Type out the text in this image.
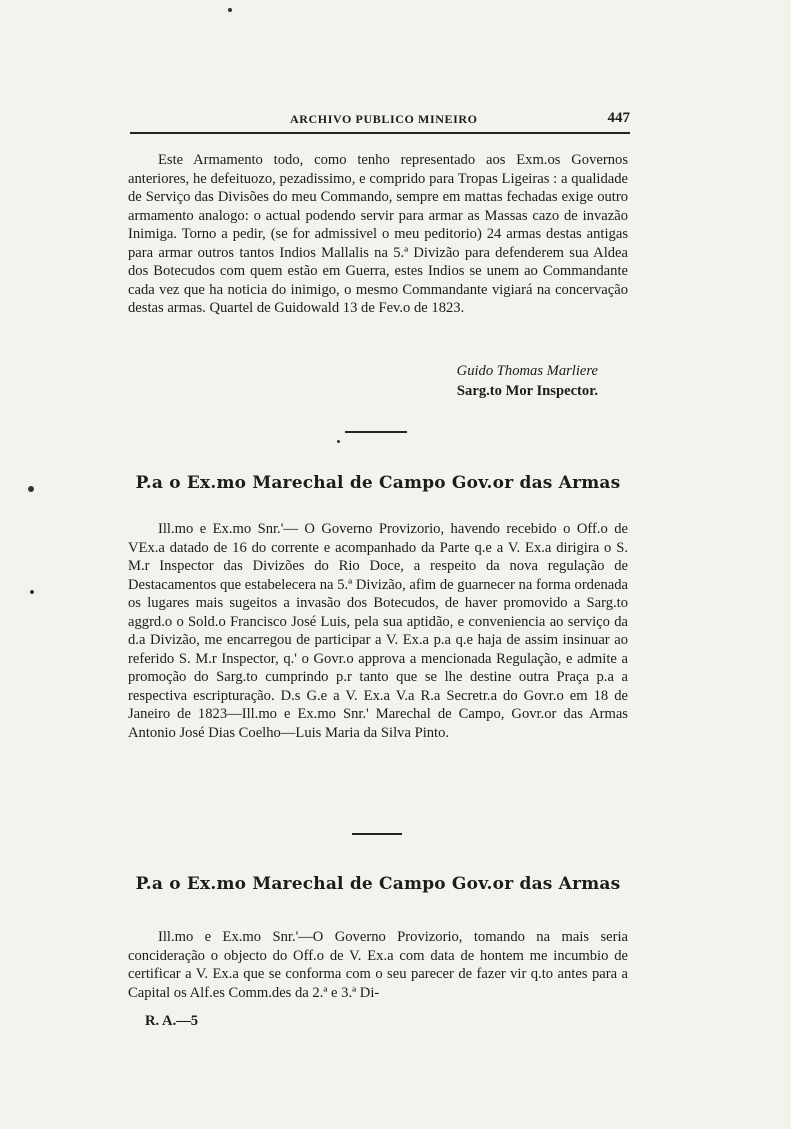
ARCHIVO PUBLICO MINEIRO	447

Este Armamento todo, como tenho representado aos Exm.os Governos anteriores, he defeituozo, pezadissimo, e comprido para Tropas Ligeiras : a qualidade de Serviço das Divisões do meu Commando, sempre em mattas fechadas exige outro armamento analogo: o actual podendo servir para armar as Massas cazo de invazão Inimiga. Torno a pedir, (se for admissivel o meu peditorio) 24 armas destas antigas para armar outros tantos Indios Mallalis na 5.ª Divizão para defenderem sua Aldea dos Botecudos com quem estão em Guerra, estes Indios se unem ao Commandante cada vez que ha noticia do inimigo, o mesmo Commandante vigiará na concervação destas armas. Quartel de Guidowald 13 de Fev.o de 1823.

Guido Thomas Marliere
Sarg.to Mor Inspector.
P.a o Ex.mo Marechal de Campo Gov.or das Armas

Ill.mo e Ex.mo Snr.'— O Governo Provizorio, havendo recebido o Off.o de VEx.a datado de 16 do corrente e acompanhado da Parte q.e a V. Ex.a dirigira o S. M.r Inspector das Divizões do Rio Doce, a respeito da nova regulação de Destacamentos que estabelecera na 5.ª Divizão, afim de guarnecer na forma ordenada os lugares mais sugeitos a invasão dos Botecudos, de haver promovido a Sarg.to aggrd.o o Sold.o Francisco José Luis, pela sua aptidão, e conveniencia ao serviço da d.a Divizão, me encarregou de participar a V. Ex.a p.a q.e haja de assim insinuar ao referido S. M.r Inspector, q.' o Govr.o approva a mencionada Regulação, e admite a promoção do Sarg.to cumprindo p.r tanto que se lhe destine outra Praça p.a a respectiva escripturação. D.s G.e a V. Ex.a V.a R.a Secretr.a do Govr.o em 18 de Janeiro de 1823—Ill.mo e Ex.mo Snr.' Marechal de Campo, Govr.or das Armas Antonio José Dias Coelho—Luis Maria da Silva Pinto.

P.a o Ex.mo Marechal de Campo Gov.or das Armas

Ill.mo e Ex.mo Snr.'—O Governo Provizorio, tomando na mais seria concideração o objecto do Off.o de V. Ex.a com data de hontem me incumbio de certificar a V. Ex.a que se conforma com o seu parecer de fazer vir q.to antes para a Capital os Alf.es Comm.des da 2.ª e 3.ª Di-

R. A.—5
